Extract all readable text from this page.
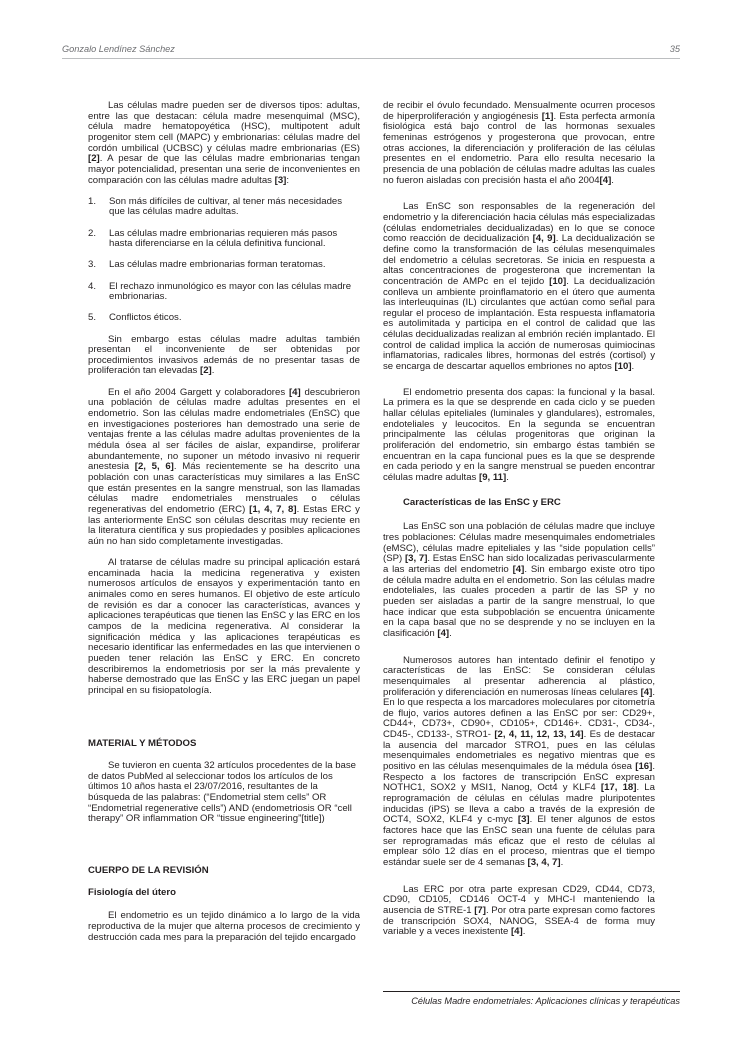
Gonzalo Lendínez Sánchez	35

Las células madre pueden ser de diversos tipos: adultas, entre las que destacan: célula madre mesenquimal (MSC), célula madre hematopoyética (HSC), multipotent adult progenitor stem cell (MAPC) y embrionarias: células madre del cordón umbilical (UCBSC) y células madre embrionarias (ES)[2]. A pesar de que las células madre embrionarias tengan mayor potencialidad, presentan una serie de inconvenientes en comparación con las células madre adultas [3]:

1.	Son más difíciles de cultivar, al tener más necesidades que las células madre adultas.
2.	Las células madre embrionarias requieren más pasos hasta diferenciarse en la célula definitiva funcional.
3.	Las células madre embrionarias forman teratomas.
4.	El rechazo inmunológico es mayor con las células madre embrionarias.
5.	Conflictos éticos.

Sin embargo estas células madre adultas también presentan el inconveniente de ser obtenidas por procedimientos invasivos además de no presentar tasas de proliferación tan elevadas [2].

En el año 2004 Gargett y colaboradores [4] descubrieron una población de células madre adultas presentes en el endometrio. Son las células madre endometriales (EnSC) que en investigaciones posteriores han demostrado una serie de ventajas frente a las células madre adultas provenientes de la médula ósea al ser fáciles de aislar, expandirse, proliferar abundantemente, no suponer un método invasivo ni requerir anestesia [2, 5, 6]. Más recientemente se ha descrito una población con unas características muy similares a las EnSC que están presentes en la sangre menstrual, son las llamadas células madre endometriales menstruales o células regenerativas del endometrio (ERC) [1, 4, 7, 8]. Estas ERC y las anteriormente EnSC son células descritas muy reciente en la literatura científica y sus propiedades y posibles aplicaciones aún no han sido completamente investigadas.

Al tratarse de células madre su principal aplicación estará encaminada hacia la medicina regenerativa y existen numerosos artículos de ensayos y experimentación tanto en animales como en seres humanos. El objetivo de este artículo de revisión es dar a conocer las características, avances y aplicaciones terapéuticas que tienen las EnSC y las ERC en los campos de la medicina regenerativa. Al considerar la significación médica y las aplicaciones terapéuticas es necesario identificar las enfermedades en las que intervienen o pueden tener relación las EnSC y ERC. En concreto describiremos la endometriosis por ser la más prevalente y haberse demostrado que las EnSC y las ERC juegan un papel principal en su fisiopatología.

MATERIAL Y MÉTODOS

Se tuvieron en cuenta 32 artículos procedentes de la base de datos PubMed al seleccionar todos los artículos de los últimos 10 años hasta el 23/07/2016, resultantes de la búsqueda de las palabras: (“Endometrial stem cells” OR “Endometrial regenerative cells”) AND (endometriosis OR “cell therapy” OR inflammation OR “tissue engineering”[title])

CUERPO DE LA REVISIÓN
Fisiología del útero

El endometrio es un tejido dinámico a lo largo de la vida reproductiva de la mujer que alterna procesos de crecimiento y destrucción cada mes para la preparación del tejido encargado

de recibir el óvulo fecundado. Mensualmente ocurren procesos de hiperproliferación y angiogénesis [1]. Esta perfecta armonía fisiológica está bajo control de las hormonas sexuales femeninas estrógenos y progesterona que provocan, entre otras acciones, la diferenciación y proliferación de las células presentes en el endometrio. Para ello resulta necesario la presencia de una población de células madre adultas las cuales no fueron aisladas con precisión hasta el año 2004[4].

Las EnSC son responsables de la regeneración del endometrio y la diferenciación hacia células más especializadas (células endometriales decidualizadas) en lo que se conoce como reacción de decidualización [4, 9]. La decidualización se define como la transformación de las células mesenquimales del endometrio a células secretoras. Se inicia en respuesta a altas concentraciones de progesterona que incrementan la concentración de AMPc en el tejido [10]. La decidualización conlleva un ambiente proinflamatorio en el útero que aumenta las interleuquinas (IL) circulantes que actúan como señal para regular el proceso de implantación. Esta respuesta inflamatoria es autolimitada y participa en el control de calidad que las células decidualizadas realizan al embrión recién implantado. El control de calidad implica la acción de numerosas quimiocinas inflamatorias, radicales libres, hormonas del estrés (cortisol) y se encarga de descartar aquellos embriones no aptos [10].

El endometrio presenta dos capas: la funcional y la basal. La primera es la que se desprende en cada ciclo y se pueden hallar células epiteliales (luminales y glandulares), estromales, endoteliales y leucocitos. En la segunda se encuentran principalmente las células progenitoras que originan la proliferación del endometrio, sin embargo éstas también se encuentran en la capa funcional pues es la que se desprende en cada periodo y en la sangre menstrual se pueden encontrar células madre adultas [9, 11].

Características de las EnSC y ERC

Las EnSC son una población de células madre que incluye tres poblaciones: Células madre mesenquimales endometriales (eMSC), células madre epiteliales y las “side population cells” (SP) [3, 7]. Estas EnSC han sido localizadas perivascularmente a las arterias del endometrio [4]. Sin embargo existe otro tipo de célula madre adulta en el endometrio. Son las células madre endoteliales, las cuales proceden a partir de las SP y no pueden ser aisladas a partir de la sangre menstrual, lo que hace indicar que esta subpoblación se encuentra únicamente en la capa basal que no se desprende y no se incluyen en la clasificación [4].

Numerosos autores han intentado definir el fenotipo y características de las EnSC: Se consideran células mesenquimales al presentar adherencia al plástico, proliferación y diferenciación en numerosas líneas celulares [4]. En lo que respecta a los marcadores moleculares por citometría de flujo, varios autores definen a las EnSC por ser: CD29+, CD44+, CD73+, CD90+, CD105+, CD146+. CD31-, CD34-, CD45-, CD133-, STRO1- [2, 4, 11, 12, 13, 14]. Es de destacar la ausencia del marcador STRO1, pues en las células mesenquimales endometriales es negativo mientras que es positivo en las células mesenquimales de la médula ósea [16]. Respecto a los factores de transcripción EnSC expresan NOTHC1, SOX2 y MSI1, Nanog, Oct4 y KLF4 [17, 18]. La reprogramación de células en células madre pluripotentes inducidas (iPS) se lleva a cabo a través de la expresión de OCT4, SOX2, KLF4 y c-myc [3]. El tener algunos de estos factores hace que las EnSC sean una fuente de células para ser reprogramadas más eficaz que el resto de células al emplear sólo 12 días en el proceso, mientras que el tiempo estándar suele ser de 4 semanas [3, 4, 7].

Las ERC por otra parte expresan CD29, CD44, CD73, CD90, CD105, CD146 OCT-4 y MHC-I manteniendo la ausencia de STRE-1 [7]. Por otra parte expresan como factores de transcripción SOX4, NANOG, SSEA-4 de forma muy variable y a veces inexistente [4].

Células Madre endometriales: Aplicaciones clínicas y terapéuticas
